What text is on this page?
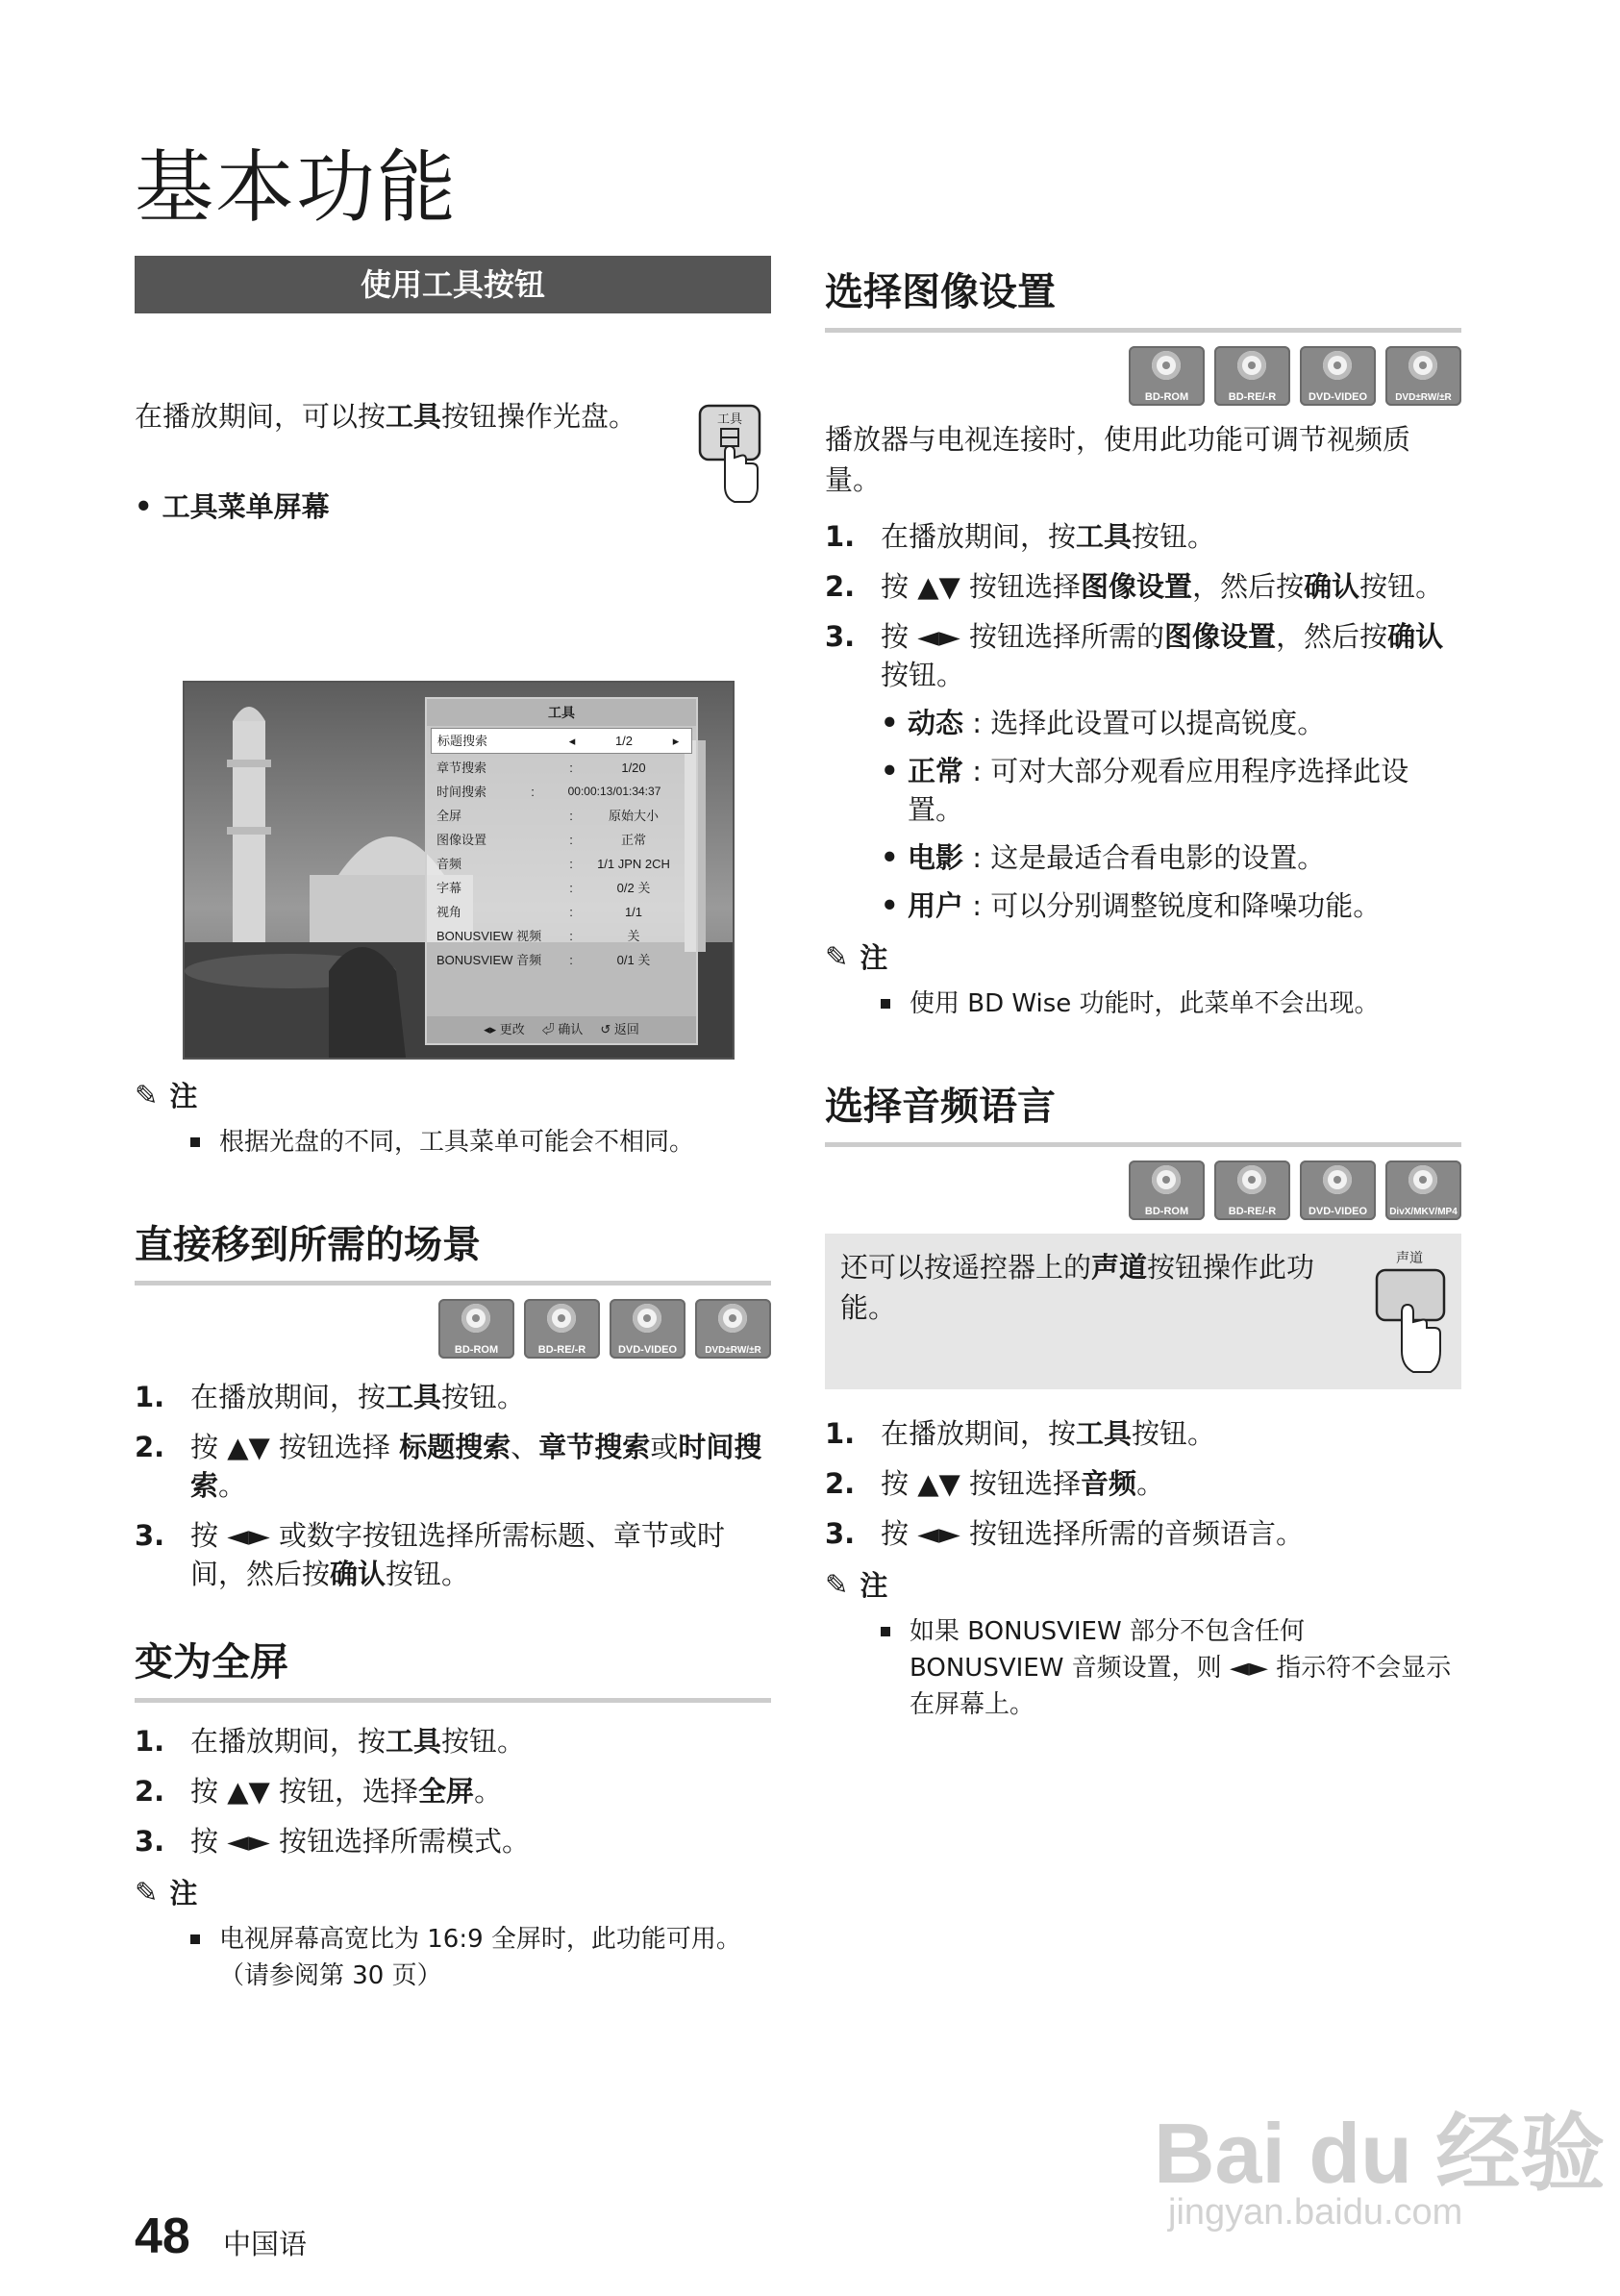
基本功能
使用工具按钮

在播放期间，可以按工具按钮操作光盘。	工具

• 工具菜单屏幕

工具
标题搜索	◂	1/2	▸
章节搜索	:	1/20
时间搜索	:	00:00:13/01:34:37
全屏	:	原始大小
图像设置	:	正常
音频	:	1/1 JPN 2CH
字幕	:	0/2 关
视角	:	1/1
BONUSVIEW 视频	:	关
BONUSVIEW 音频	:	0/1 关
◂▸ 更改 ⏎ 确认 ↺ 返回
✎ 注
根据光盘的不同，工具菜单可能会不相同。
直接移到所需的场景
BD-ROM	BD-RE/-R	DVD-VIDEO	DVD±RW/±R
1. 在播放期间，按工具按钮。
2. 按 ▲▼ 按钮选择 标题搜索、章节搜索或时间搜索。
3. 按 ◄► 或数字按钮选择所需标题、章节或时间，然后按确认按钮。
变为全屏
1. 在播放期间，按工具按钮。
2. 按 ▲▼ 按钮，选择全屏。
3. 按 ◄► 按钮选择所需模式。
✎ 注
电视屏幕高宽比为 16:9 全屏时，此功能可用。（请参阅第 30 页）
选择图像设置
BD-ROM	BD-RE/-R	DVD-VIDEO	DVD±RW/±R

播放器与电视连接时，使用此功能可调节视频质量。

1. 在播放期间，按工具按钮。
2. 按 ▲▼ 按钮选择图像设置，然后按确认按钮。
3. 按 ◄► 按钮选择所需的图像设置，然后按确认按钮。
• 动态 : 选择此设置可以提高锐度。
• 正常 : 可对大部分观看应用程序选择此设置。
• 电影 : 这是最适合看电影的设置。
• 用户 : 可以分别调整锐度和降噪功能。
✎ 注
使用 BD Wise 功能时，此菜单不会出现。
选择音频语言
BD-ROM	BD-RE/-R	DVD-VIDEO	DivX/MKV/MP4

还可以按遥控器上的声道按钮操作此功能。

声道
1. 在播放期间，按工具按钮。
2. 按 ▲▼ 按钮选择音频。
3. 按 ◄► 按钮选择所需的音频语言。
✎ 注
如果 BONUSVIEW 部分不包含任何 BONUSVIEW 音频设置，则 ◄► 指示符不会显示在屏幕上。
Bai du 经验
jingyan.baidu.com
48 中国语
